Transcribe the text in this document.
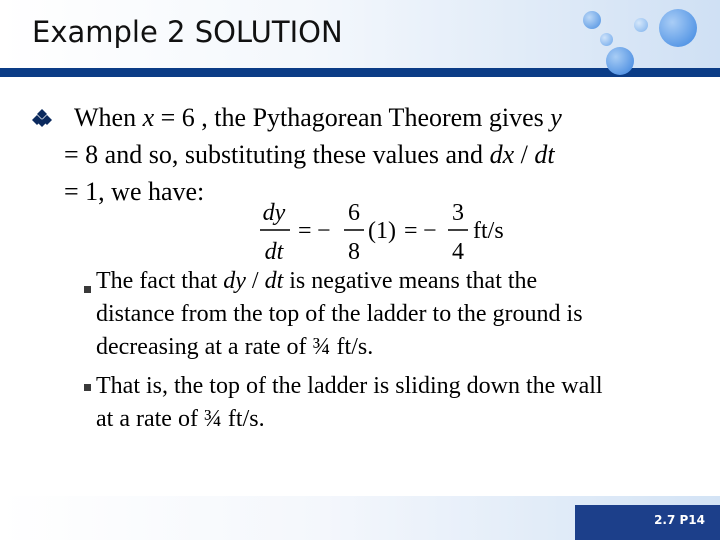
Example 2 SOLUTION
When x = 6 , the Pythagorean Theorem gives y
= 8 and so, substituting these values and dx / dt
= 1, we have:
dy
dt
= −
6
8
(1) = −
3
4
ft/s
The fact that dy / dt is negative means that the
distance from the top of the ladder to the ground is
decreasing at a rate of ¾ ft/s.
That is, the top of the ladder is sliding down the wall
at a rate of ¾ ft/s.
2.7 P14
